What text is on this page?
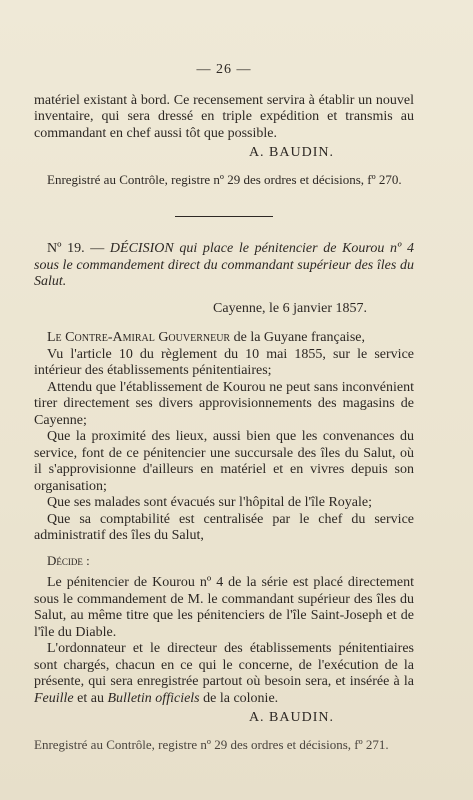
— 26 —

matériel existant à bord. Ce recensement servira à établir un nouvel inventaire, qui sera dressé en triple expédition et transmis au commandant en chef aussi tôt que possible.

A. BAUDIN.

Enregistré au Contrôle, registre nº 29 des ordres et décisions, fº 270.

Nº 19. — DÉCISION qui place le pénitencier de Kourou nº 4 sous le commandement direct du commandant supérieur des îles du Salut.

Cayenne, le 6 janvier 1857.

Le Contre-Amiral Gouverneur de la Guyane française,

Vu l'article 10 du règlement du 10 mai 1855, sur le service intérieur des établissements pénitentiaires;

Attendu que l'établissement de Kourou ne peut sans inconvénient tirer directement ses divers approvisionnements des magasins de Cayenne;

Que la proximité des lieux, aussi bien que les convenances du service, font de ce pénitencier une succursale des îles du Salut, où il s'approvisionne d'ailleurs en matériel et en vivres depuis son organisation;

Que ses malades sont évacués sur l'hôpital de l'île Royale;

Que sa comptabilité est centralisée par le chef du service administratif des îles du Salut,

Décide :

Le pénitencier de Kourou nº 4 de la série est placé directement sous le commandement de M. le commandant supérieur des îles du Salut, au même titre que les pénitenciers de l'île Saint-Joseph et de l'île du Diable.

L'ordonnateur et le directeur des établissements pénitentiaires sont chargés, chacun en ce qui le concerne, de l'exécution de la présente, qui sera enregistrée partout où besoin sera, et insérée à la Feuille et au Bulletin officiels de la colonie.

A. BAUDIN.

Enregistré au Contrôle, registre nº 29 des ordres et décisions, fº 271.
